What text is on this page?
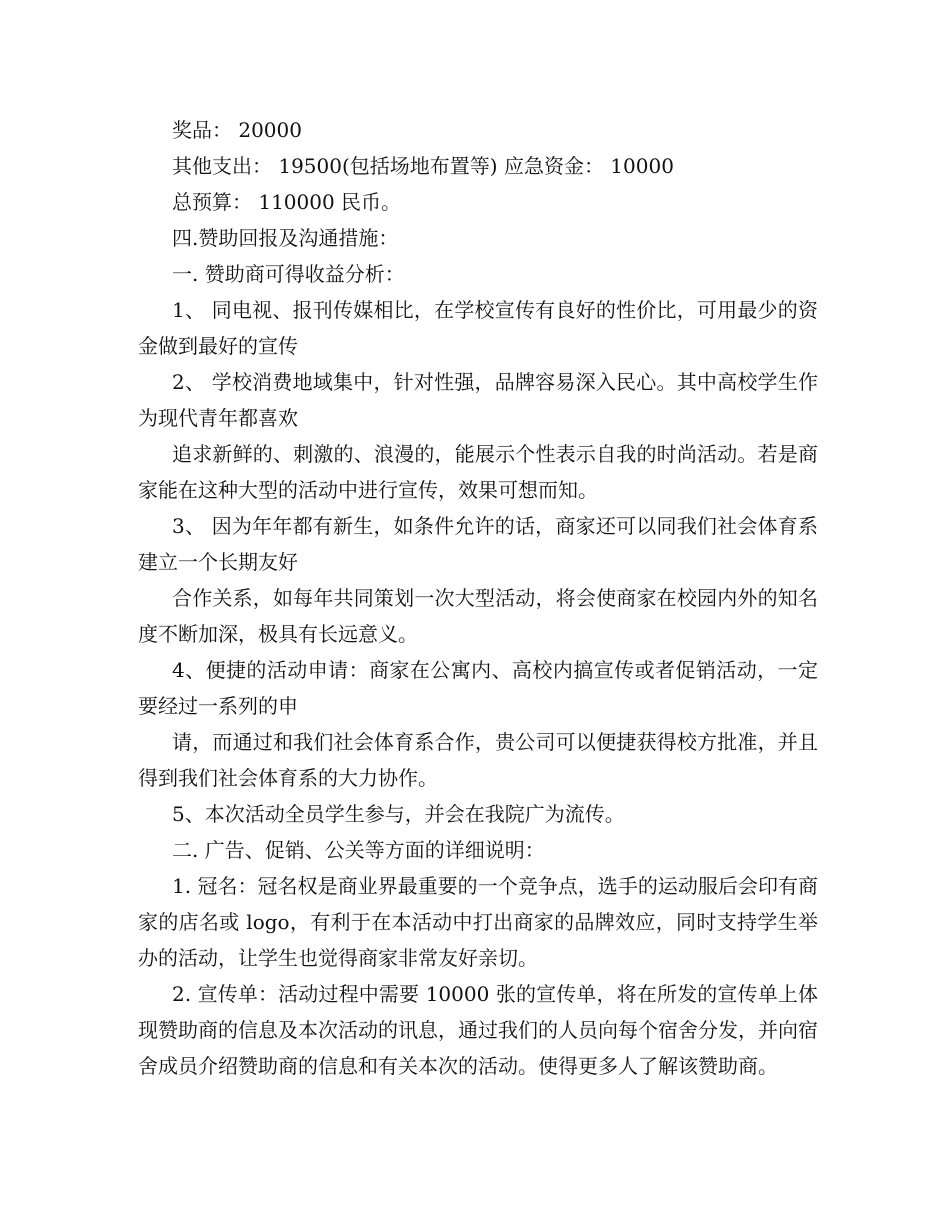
奖品： 20000

其他支出： 19500(包括场地布置等) 应急资金： 10000

总预算： 110000 民币。

四.赞助回报及沟通措施：

一. 赞助商可得收益分析：

1、 同电视、报刊传媒相比，在学校宣传有良好的性价比，可用最少的资金做到最好的宣传

2、 学校消费地域集中，针对性强，品牌容易深入民心。其中高校学生作为现代青年都喜欢

追求新鲜的、刺激的、浪漫的，能展示个性表示自我的时尚活动。若是商家能在这种大型的活动中进行宣传，效果可想而知。

3、 因为年年都有新生，如条件允许的话，商家还可以同我们社会体育系建立一个长期友好

合作关系，如每年共同策划一次大型活动，将会使商家在校园内外的知名度不断加深，极具有长远意义。

4、便捷的活动申请：商家在公寓内、高校内搞宣传或者促销活动，一定要经过一系列的申

请，而通过和我们社会体育系合作，贵公司可以便捷获得校方批准，并且得到我们社会体育系的大力协作。

5、本次活动全员学生参与，并会在我院广为流传。

二. 广告、促销、公关等方面的详细说明：

1. 冠名：冠名权是商业界最重要的一个竞争点，选手的运动服后会印有商家的店名或 logo，有利于在本活动中打出商家的品牌效应，同时支持学生举办的活动，让学生也觉得商家非常友好亲切。

2. 宣传单：活动过程中需要 10000 张的宣传单，将在所发的宣传单上体现赞助商的信息及本次活动的讯息，通过我们的人员向每个宿舍分发，并向宿舍成员介绍赞助商的信息和有关本次的活动。使得更多人了解该赞助商。
